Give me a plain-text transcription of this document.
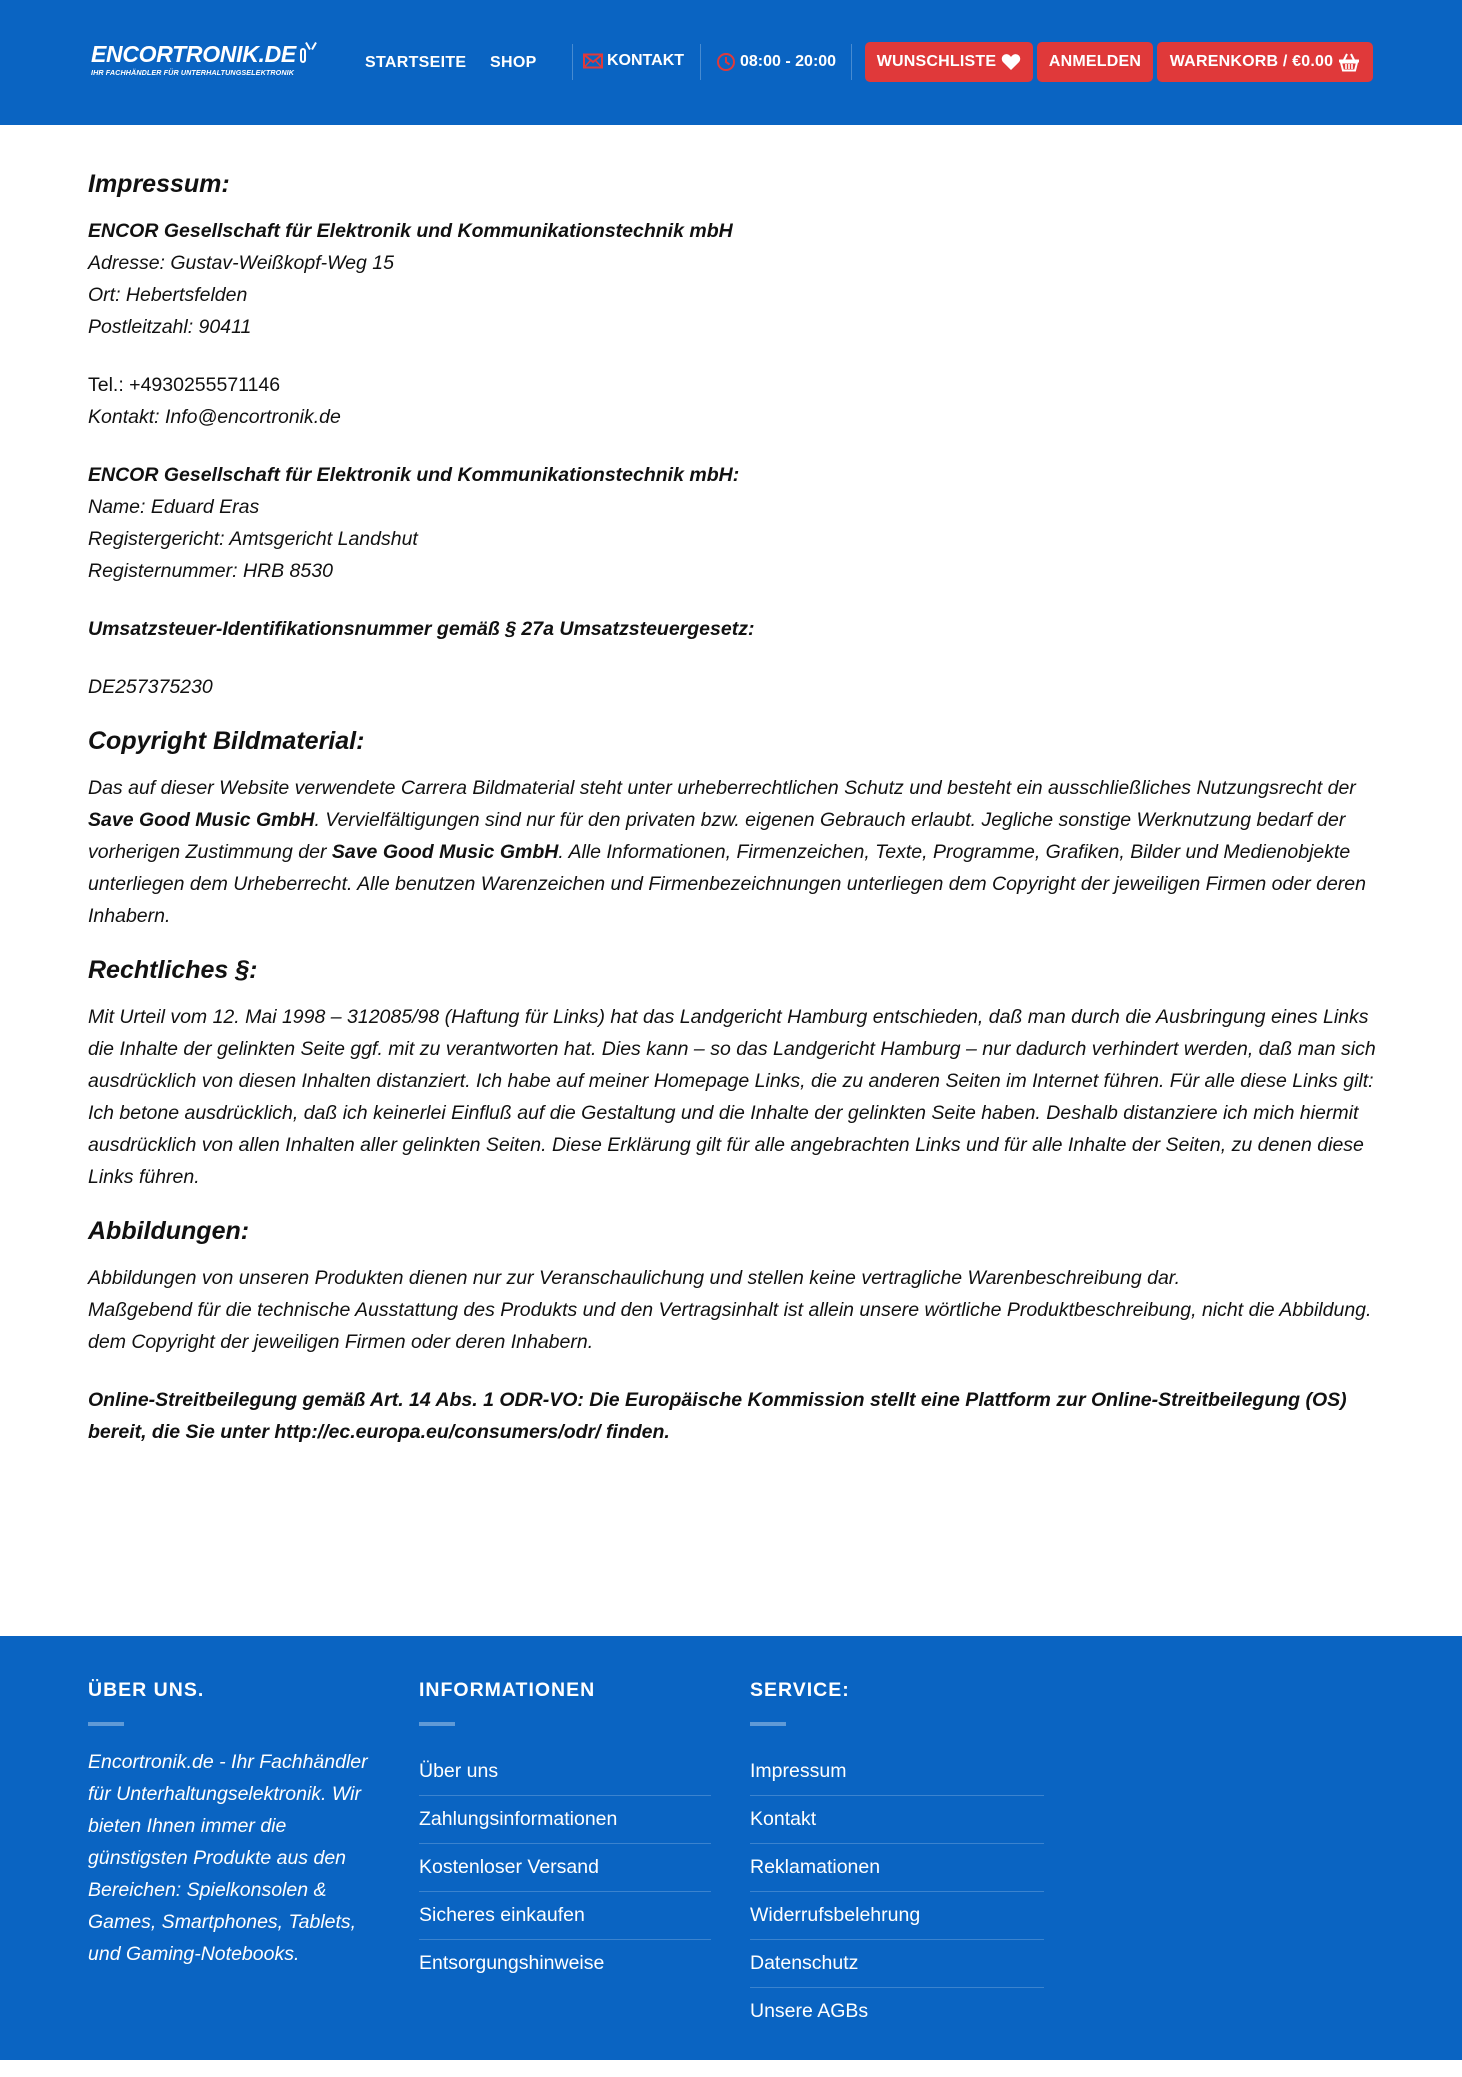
ENCORTRONIK.DE
IHR FACHHÄNDLER FÜR UNTERHALTUNGSELEKTRONIK
STARTSEITE SHOP	KONTAKT	08:00 - 20:00	WUNSCHLISTE	ANMELDEN WARENKORB / €0.00
Impressum:

ENCOR Gesellschaft für Elektronik und Kommunikationstechnik mbH

Adresse: Gustav-Weißkopf-Weg 15

Ort: Hebertsfelden

Postleitzahl: 90411

Tel.: +4930255571146

Kontakt: Info@encortronik.de

ENCOR Gesellschaft für Elektronik und Kommunikationstechnik mbH:

Name: Eduard Eras

Registergericht: Amtsgericht Landshut

Registernummer: HRB 8530

Umsatzsteuer-Identifikationsnummer gemäß § 27a Umsatzsteuergesetz:

DE257375230

Copyright Bildmaterial:

Das auf dieser Website verwendete Carrera Bildmaterial steht unter urheberrechtlichen Schutz und besteht ein ausschließliches Nutzungsrecht der Save Good Music GmbH. Vervielfältigungen sind nur für den privaten bzw. eigenen Gebrauch erlaubt. Jegliche sonstige Werknutzung bedarf der vorherigen Zustimmung der Save Good Music GmbH. Alle Informationen, Firmenzeichen, Texte, Programme, Grafiken, Bilder und Medienobjekte unterliegen dem Urheberrecht. Alle benutzen Warenzeichen und Firmenbezeichnungen unterliegen dem Copyright der jeweiligen Firmen oder deren Inhabern.

Rechtliches §:

Mit Urteil vom 12. Mai 1998 – 312085/98 (Haftung für Links) hat das Landgericht Hamburg entschieden, daß man durch die Ausbringung eines Links die Inhalte der gelinkten Seite ggf. mit zu verantworten hat. Dies kann – so das Landgericht Hamburg – nur dadurch verhindert werden, daß man sich ausdrücklich von diesen Inhalten distanziert. Ich habe auf meiner Homepage Links, die zu anderen Seiten im Internet führen. Für alle diese Links gilt: Ich betone ausdrücklich, daß ich keinerlei Einfluß auf die Gestaltung und die Inhalte der gelinkten Seite haben. Deshalb distanziere ich mich hiermit ausdrücklich von allen Inhalten aller gelinkten Seiten. Diese Erklärung gilt für alle angebrachten Links und für alle Inhalte der Seiten, zu denen diese Links führen.

Abbildungen:

Abbildungen von unseren Produkten dienen nur zur Veranschaulichung und stellen keine vertragliche Warenbeschreibung dar.

Maßgebend für die technische Ausstattung des Produkts und den Vertragsinhalt ist allein unsere wörtliche Produktbeschreibung, nicht die Abbildung. dem Copyright der jeweiligen Firmen oder deren Inhabern.

Online-Streitbeilegung gemäß Art. 14 Abs. 1 ODR-VO: Die Europäische Kommission stellt eine Plattform zur Online-Streitbeilegung (OS) bereit, die Sie unter http://ec.europa.eu/consumers/odr/ finden.

ÜBER UNS.
Encortronik.de - Ihr Fachhändler für Unterhaltungselektronik. Wir bieten Ihnen immer die günstigsten Produkte aus den Bereichen: Spielkonsolen & Games, Smartphones, Tablets, und Gaming-Notebooks.
INFORMATIONEN
Über uns
Zahlungsinformationen
Kostenloser Versand
Sicheres einkaufen
Entsorgungshinweise
SERVICE:
Impressum
Kontakt
Reklamationen
Widerrufsbelehrung
Datenschutz
Unsere AGBs
